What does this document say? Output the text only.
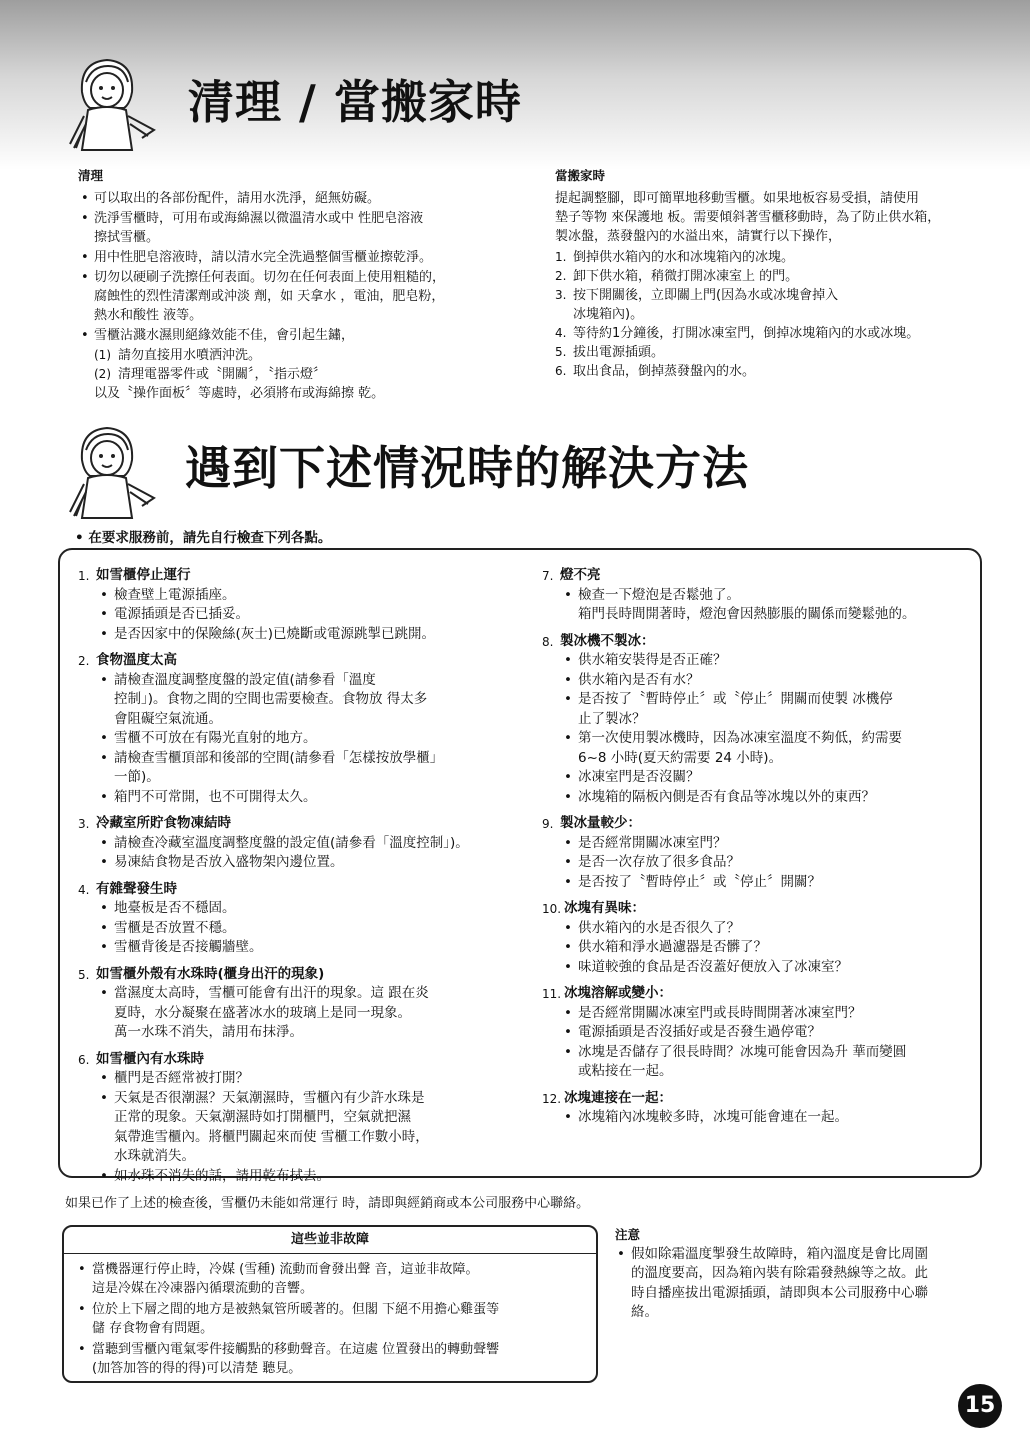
清理 / 當搬家時
清理
• 可以取出的各部份配件，請用水洗淨，絕無妨礙。
• 洗淨雪櫃時，可用布或海綿濕以微溫清水或中 性肥皂溶液
擦拭雪櫃。
• 用中性肥皂溶液時，請以清水完全洗過整個雪櫃並擦乾淨。
• 切勿以硬刷子洗擦任何表面。切勿在任何表面上使用粗糙的，
腐蝕性的烈性清潔劑或沖淡 劑，如 天拿水 ，電油，肥皂粉，
熱水和酸性 液等。
• 雪櫃沾濺水濕則絕緣效能不佳，會引起生鏽，
(1) 請勿直接用水噴洒沖洗。
(2) 清理電器零件或〝開關〞，〝指示燈〞
以及〝操作面板〞等處時，必須將布或海綿擦 乾。
當搬家時
提起調整腳，即可簡單地移動雪櫃。如果地板容易受損，請使用
墊子等物 來保護地 板。需要傾斜著雪櫃移動時，為了防止供水箱，
製冰盤，蒸發盤內的水溢出來，請實行以下操作，
1. 倒掉供水箱內的水和冰塊箱內的冰塊。
2. 卸下供水箱，稍微打開冰凍室上 的門。
3. 按下開關後，立即關上門(因為水或冰塊會掉入
冰塊箱內)。
4. 等待約1分鐘後，打開冰凍室門，倒掉冰塊箱內的水或冰塊。
5. 拔出電源插頭。
6. 取出食品，倒掉蒸發盤內的水。
遇到下述情況時的解決方法
• 在要求服務前，請先自行檢查下列各點。
1. 如雪櫃停止運行
• 檢查壁上電源插座。
• 電源插頭是否已插妥。
• 是否因家中的保險絲(灰士)已燒斷或電源跳掣已跳開。
2. 食物溫度太高
• 請檢查溫度調整度盤的設定值(請參看「溫度
控制」)。食物之間的空間也需要檢查。食物放 得太多
會阻礙空氣流通。
• 雪櫃不可放在有陽光直射的地方。
• 請檢查雪櫃頂部和後部的空間(請參看「怎樣按放學櫃」
一節)。
• 箱門不可常開，也不可開得太久。
3. 冷藏室所貯食物凍結時
• 請檢查冷藏室溫度調整度盤的設定值(請參看「溫度控制」)。
• 易凍結食物是否放入盛物架內邊位置。
4. 有雜聲發生時
• 地臺板是否不穩固。
• 雪櫃是否放置不穩。
• 雪櫃背後是否接觸牆壁。
5. 如雪櫃外殼有水珠時(櫃身出汗的現象)
• 當濕度太高時，雪櫃可能會有出汗的現象。這 跟在炎
夏時，水分凝聚在盛著冰水的玻璃上是同一現象。
萬一水珠不消失，請用布抹淨。
6. 如雪櫃內有水珠時
• 櫃門是否經常被打開？
• 天氣是否很潮濕？天氣潮濕時，雪櫃內有少許水珠是
正常的現象。天氣潮濕時如打開櫃門，空氣就把濕
氣帶進雪櫃內。將櫃門關起來而使 雪櫃工作數小時，
水珠就消失。
• 如水珠不消失的話，請用乾布拭去。
7. 燈不亮
• 檢查一下燈泡是否鬆弛了。
箱門長時間開著時，燈泡會因熱膨脹的關係而變鬆弛的。
8. 製冰機不製冰：
• 供水箱安裝得是否正確？
• 供水箱內是否有水？
• 是否按了〝暫時停止〞或〝停止〞開關而使製 冰機停
止了製冰？
• 第一次使用製冰機時，因為冰凍室溫度不夠低，約需要
6~8 小時(夏天約需要 24 小時)。
• 冰凍室門是否沒關？
• 冰塊箱的隔板內側是否有食品等冰塊以外的東西？
9. 製冰量較少：
• 是否經常開關冰凍室門？
• 是否一次存放了很多食品？
• 是否按了〝暫時停止〞或〝停止〞開關？
10. 冰塊有異味：
• 供水箱內的水是否很久了？
• 供水箱和淨水過濾器是否髒了？
• 味道較強的食品是否沒蓋好便放入了冰凍室？
11. 冰塊溶解或變小：
• 是否經常開關冰凍室門或長時間開著冰凍室門？
• 電源插頭是否沒插好或是否發生過停電？
• 冰塊是否儲存了很長時間？冰塊可能會因為升 華而變圓
或粘接在一起。
12. 冰塊連接在一起：
• 冰塊箱內冰塊較多時，冰塊可能會連在一起。
如果已作了上述的檢查後，雪櫃仍未能如常運行 時，請即與經銷商或本公司服務中心聯絡。
這些並非故障
• 當機器運行停止時，冷媒 (雪種) 流動而會發出聲 音，這並非故障。
這是冷媒在冷凍器內循環流動的音響。
• 位於上下層之間的地方是被熱氣管所暖著的。但閣 下絕不用擔心雞蛋等
儲 存食物會有問題。
• 當聽到雪櫃內電氣零件接觸點的移動聲音。在這處 位置發出的轉動聲響
(加答加答的得的得)可以清楚 聽見。
注意
• 假如除霜溫度掣發生故障時，箱內溫度是會比周圍
的溫度要高，因為箱內裝有除霜發熱線等之故。此
時自播座拔出電源插頭，請即與本公司服務中心聯
絡。
15
